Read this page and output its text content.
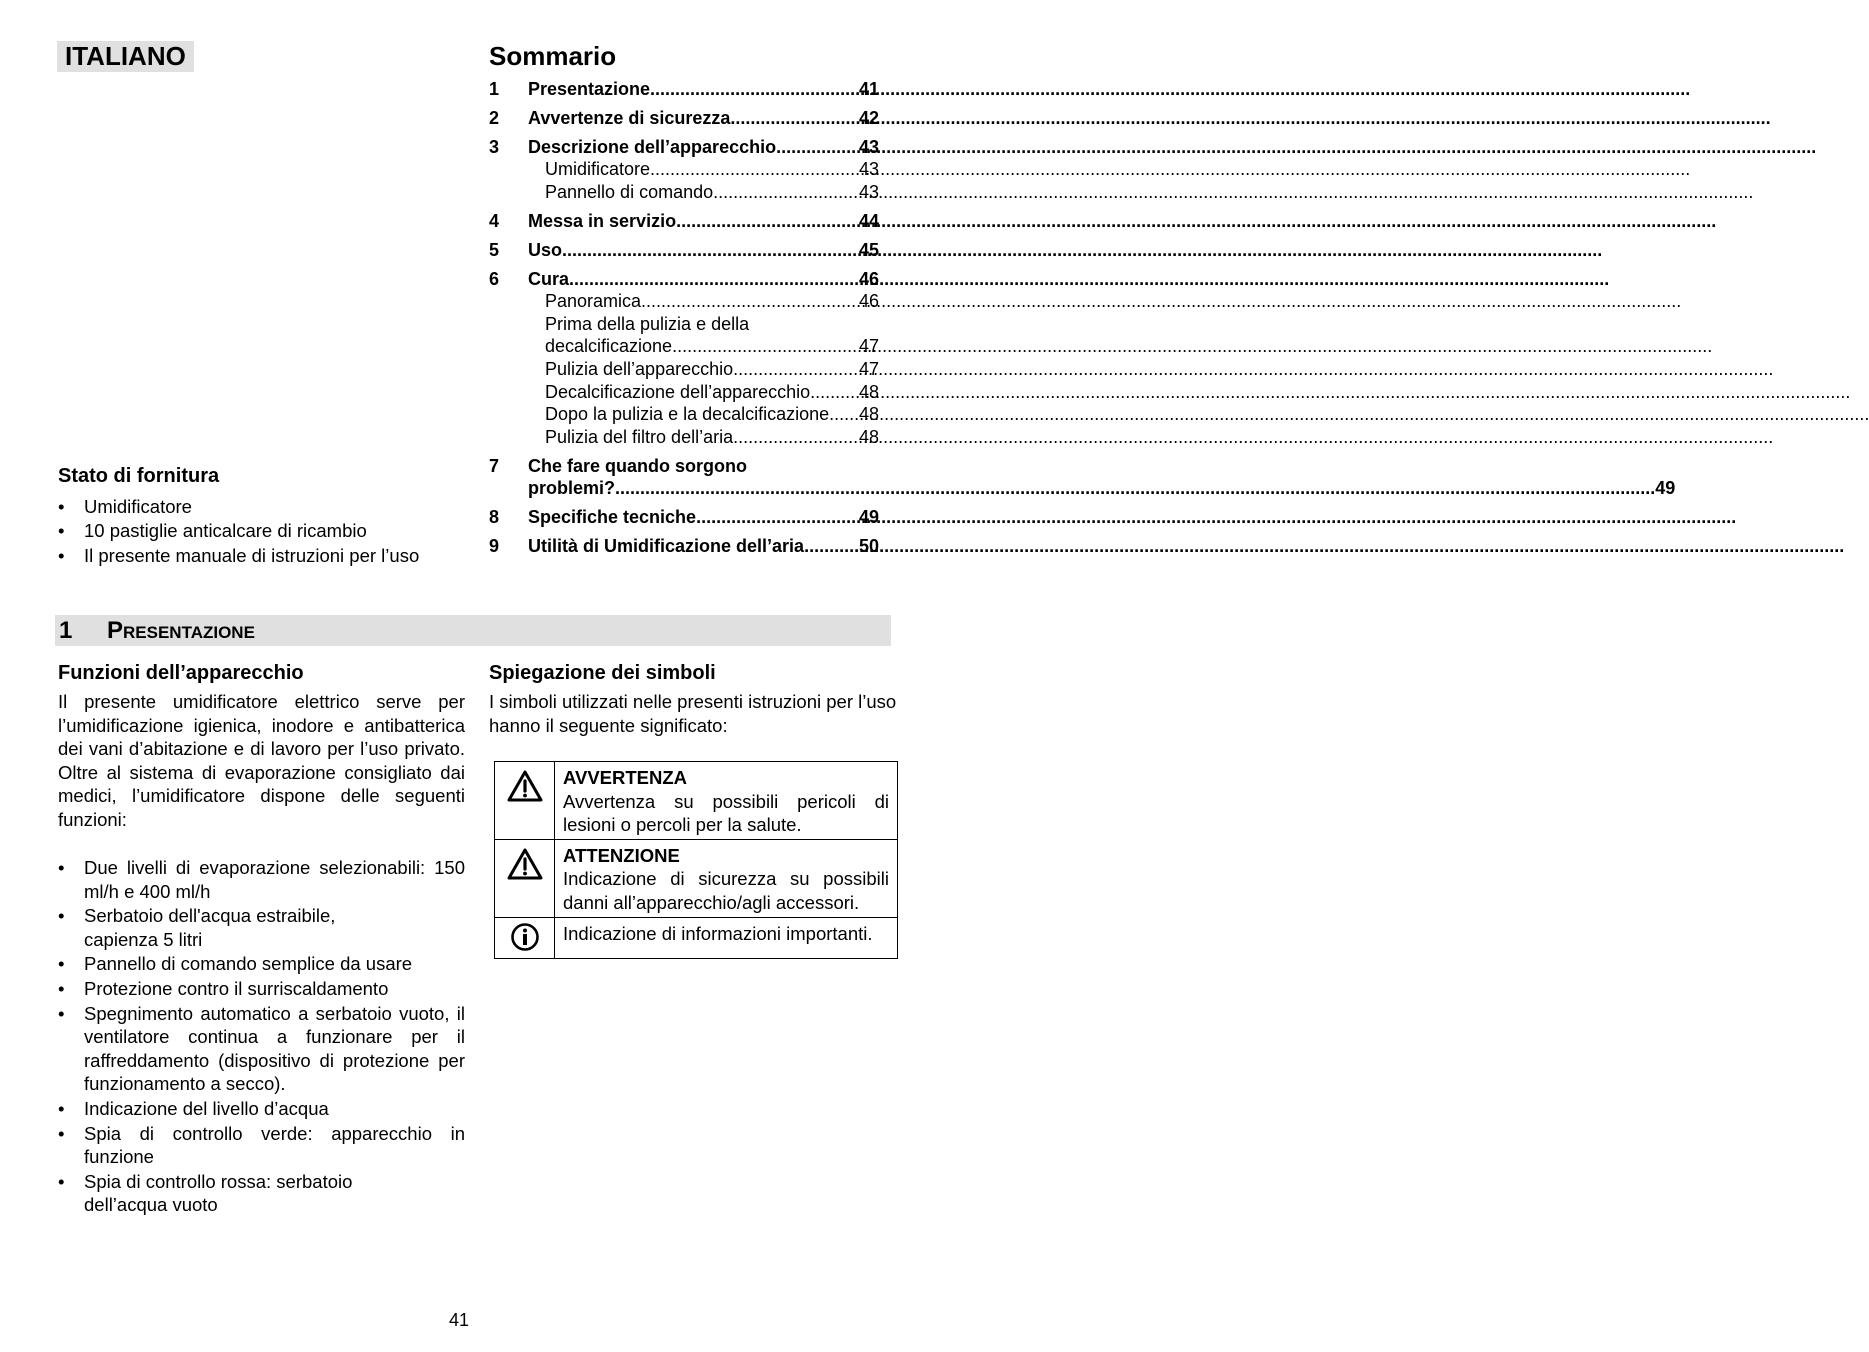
ITALIANO	Sommario
1	Presentazione .....	41
2	Avvertenze di sicurezza .....	42
3	Descrizione dell’apparecchio .....	43
Umidificatore .....	43
Pannello di comando .....	43
4	Messa in servizio .....	44
5	Uso .....	45
6	Cura .....	46
Panoramica .....	46
Prima della pulizia e della
decalcificazione .....	47
Pulizia dell’apparecchio .....	47
Decalcificazione dell’apparecchio .....	48
Dopo la pulizia e la decalcificazione ..... 48
Pulizia del filtro dell’aria .....	48
7	Che fare quando sorgono
problemi? .....	49
8	Specifiche tecniche .....	49
9	Utilità di Umidificazione dell’aria .....	50
Stato di fornitura
•	Umidificatore
•	10 pastiglie anticalcare di ricambio
•	Il presente manuale di istruzioni per l’uso
1 Presentazione
Funzioni dell’apparecchio
Il presente umidificatore elettrico serve per l’umidificazione igienica, inodore e antibatterica dei vani d’abitazione e di lavoro per l’uso privato. Oltre al sistema di evaporazione consigliato dai medici, l’umidificatore dispone delle seguenti funzioni:
•	Due livelli di evaporazione selezionabili: 150 ml/h e 400 ml/h
•	Serbatoio dell'acqua estraibile, capienza 5 litri
•	Pannello di comando semplice da usare
•	Protezione contro il surriscaldamento
•	Spegnimento automatico a serbatoio vuoto, il ventilatore continua a funzionare per il raffreddamento (dispositivo di protezione per funzionamento a secco).
•	Indicazione del livello d’acqua
•	Spia di controllo verde: apparecchio in funzione
•	Spia di controllo rossa: serbatoio dell’acqua vuoto
Spiegazione dei simboli
I simboli utilizzati nelle presenti istruzioni per l’uso hanno il seguente significato:

AVVERTENZA
Avvertenza su possibili pericoli di lesioni o percoli per la salute.

ATTENZIONE
Indicazione di sicurezza su possibili danni all’apparecchio/agli accessori.
	Indicazione di informazioni importanti.
41
